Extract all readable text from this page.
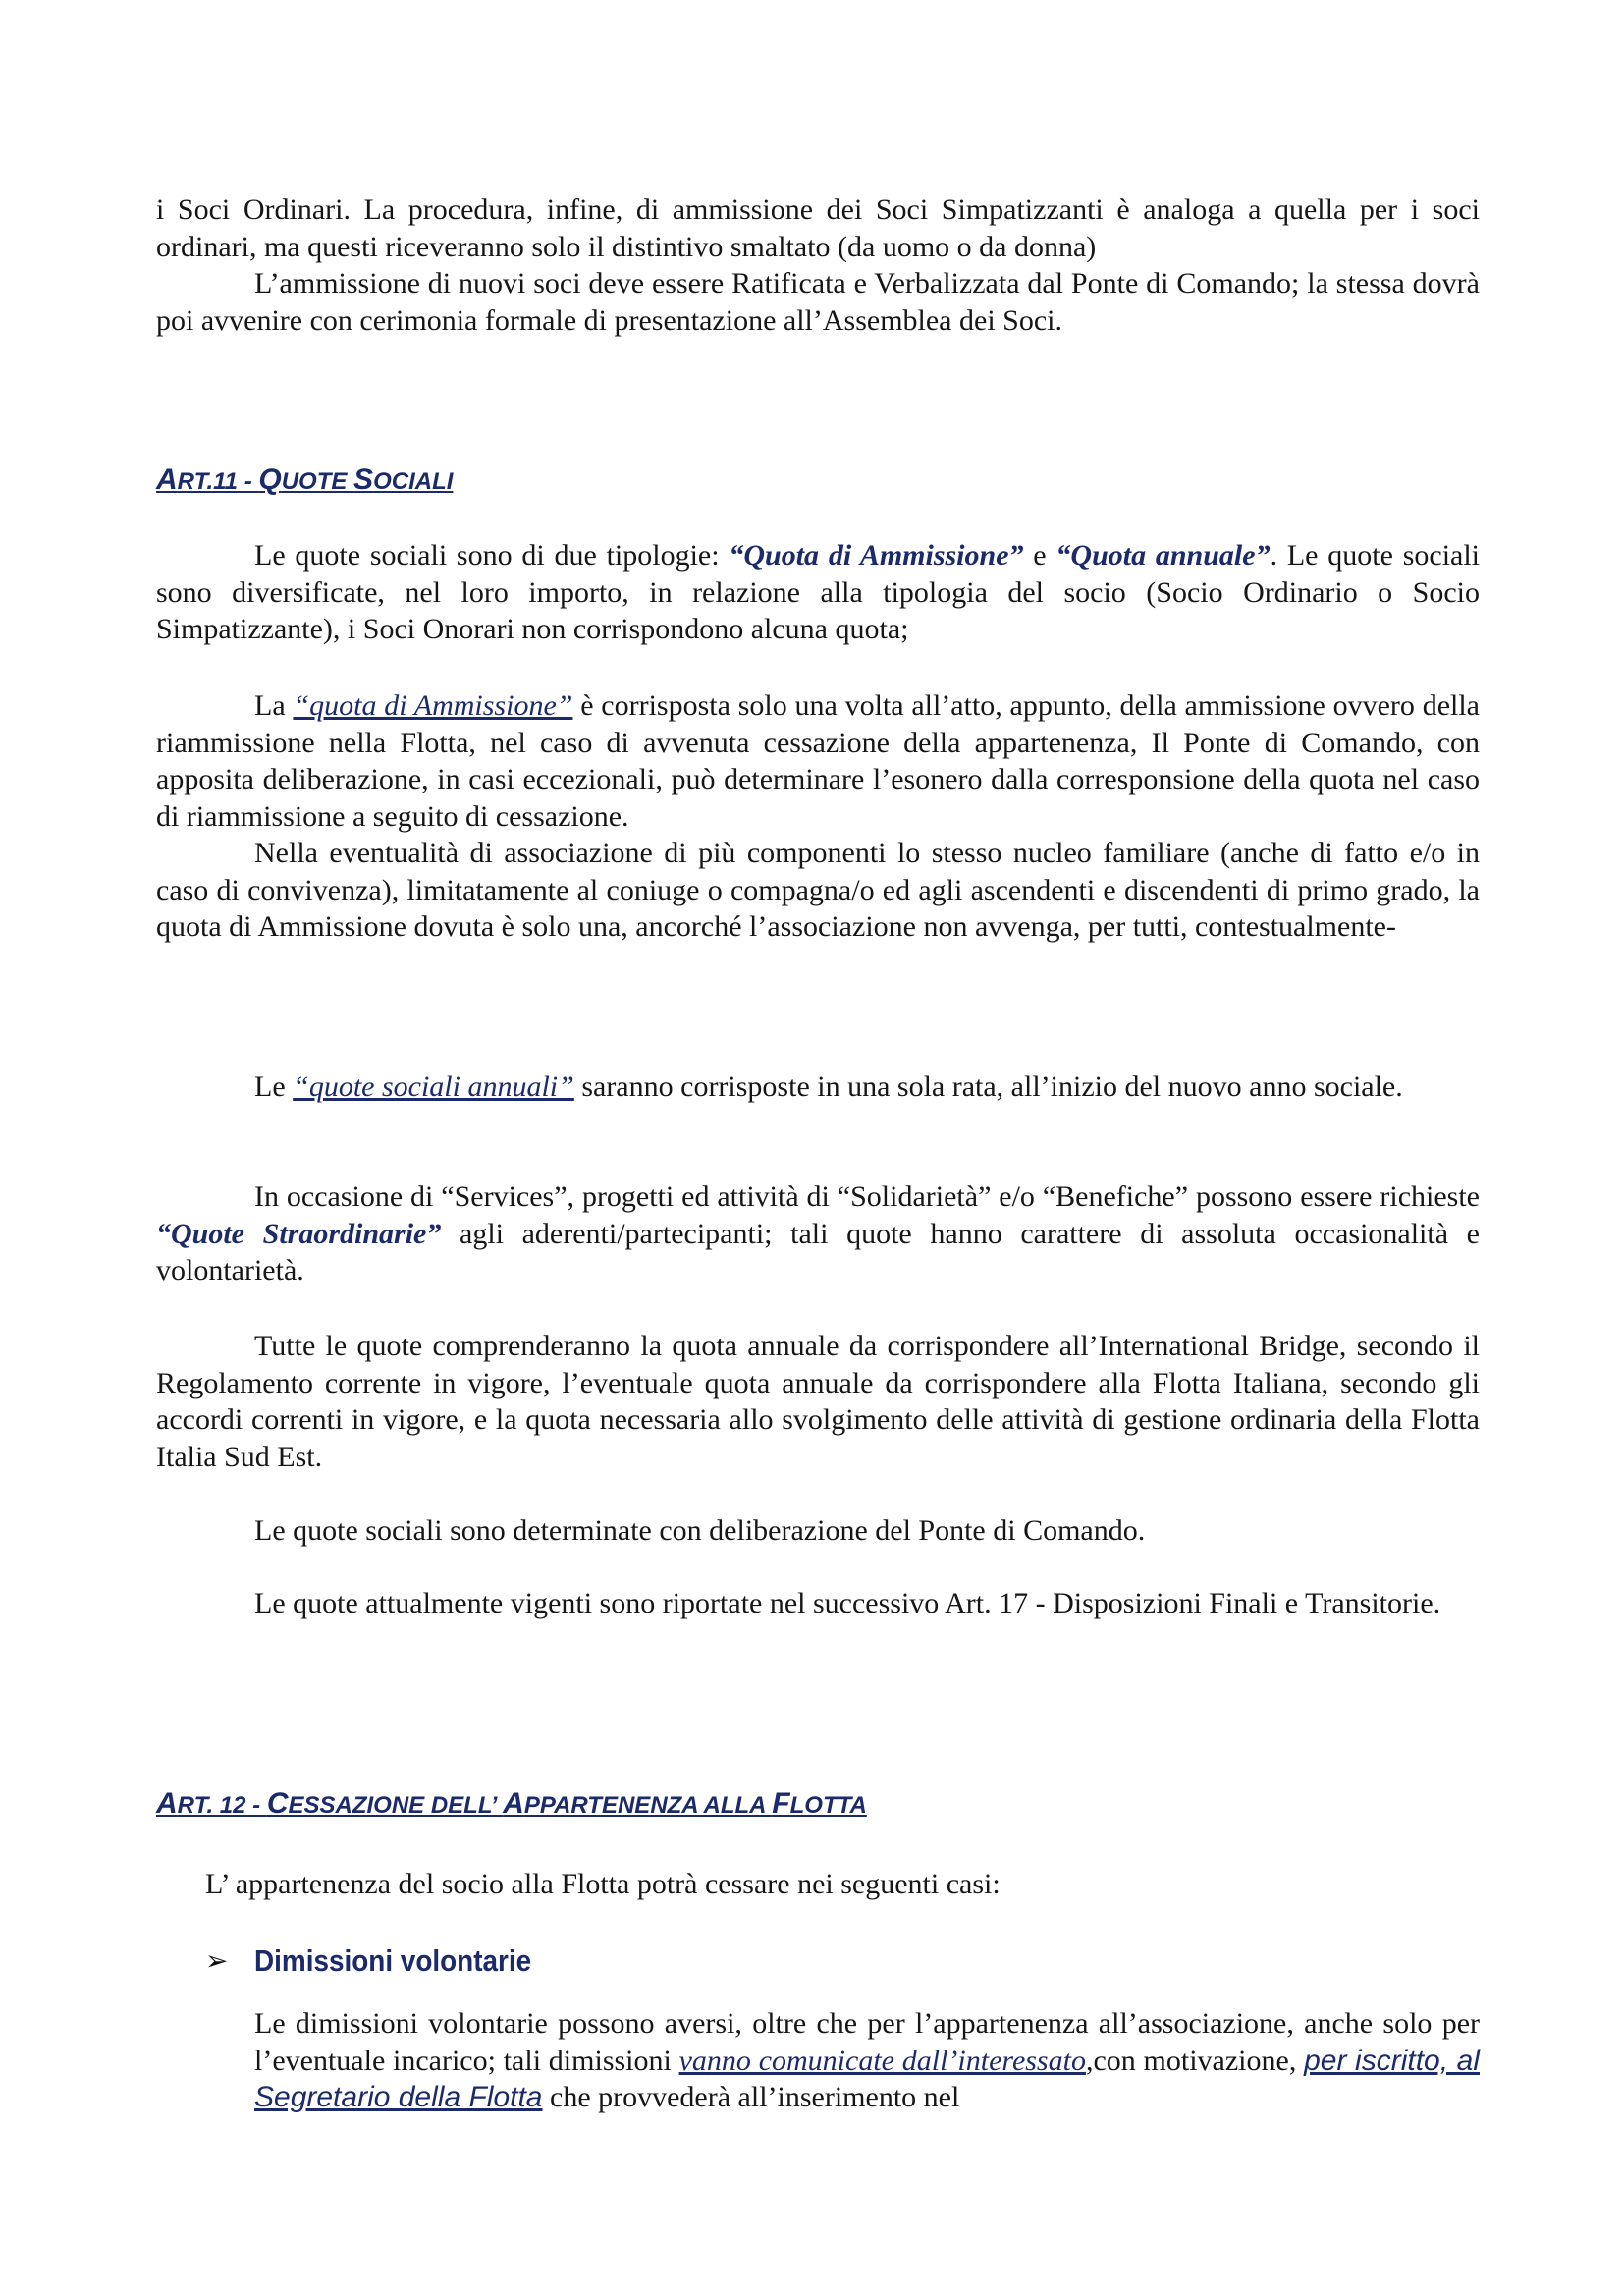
i Soci Ordinari. La procedura, infine, di ammissione dei Soci Simpatizzanti è analoga a quella per i soci ordinari, ma questi riceveranno solo il distintivo smaltato (da uomo o da donna)

L’ammissione di nuovi soci deve essere Ratificata e Verbalizzata dal Ponte di Comando; la stessa dovrà poi avvenire con cerimonia formale di presentazione all’Assemblea dei Soci.

ART.11 - QUOTE SOCIALI

Le quote sociali sono di due tipologie: “Quota di Ammissione” e “Quota annuale”. Le quote sociali sono diversificate, nel loro importo, in relazione alla tipologia del socio (Socio Ordinario o Socio Simpatizzante), i Soci Onorari non corrispondono alcuna quota;

La “quota di Ammissione” è corrisposta solo una volta all’atto, appunto, della ammissione ovvero della riammissione nella Flotta, nel caso di avvenuta cessazione della appartenenza, Il Ponte di Comando, con apposita deliberazione, in casi eccezionali, può determinare l’esonero dalla corresponsione della quota nel caso di riammissione a seguito di cessazione.

Nella eventualità di associazione di più componenti lo stesso nucleo familiare (anche di fatto e/o in caso di convivenza), limitatamente al coniuge o compagna/o ed agli ascendenti e discendenti di primo grado, la quota di Ammissione dovuta è solo una, ancorché l’associazione non avvenga, per tutti, contestualmente-

Le “quote sociali annuali” saranno corrisposte in una sola rata, all’inizio del nuovo anno sociale.

In occasione di “Services”, progetti ed attività di “Solidarietà” e/o “Benefiche” possono essere richieste “Quote Straordinarie” agli aderenti/partecipanti; tali quote hanno carattere di assoluta occasionalità e volontarietà.

Tutte le quote comprenderanno la quota annuale da corrispondere all’International Bridge, secondo il Regolamento corrente in vigore, l’eventuale quota annuale da corrispondere alla Flotta Italiana, secondo gli accordi correnti in vigore, e la quota necessaria allo svolgimento delle attività di gestione ordinaria della Flotta Italia Sud Est.

Le quote sociali sono determinate con deliberazione del Ponte di Comando.

Le quote attualmente vigenti sono riportate nel successivo Art. 17 - Disposizioni Finali e Transitorie.

ART. 12 - CESSAZIONE DELL’ APPARTENENZA ALLA FLOTTA

L’ appartenenza del socio alla Flotta potrà cessare nei seguenti casi:

➢ Dimissioni volontarie

Le dimissioni volontarie possono aversi, oltre che per l’appartenenza all’associazione, anche solo per l’eventuale incarico; tali dimissioni vanno comunicate dall’interessato,con motivazione, per iscritto, al Segretario della Flotta che provvederà all’inserimento nel
